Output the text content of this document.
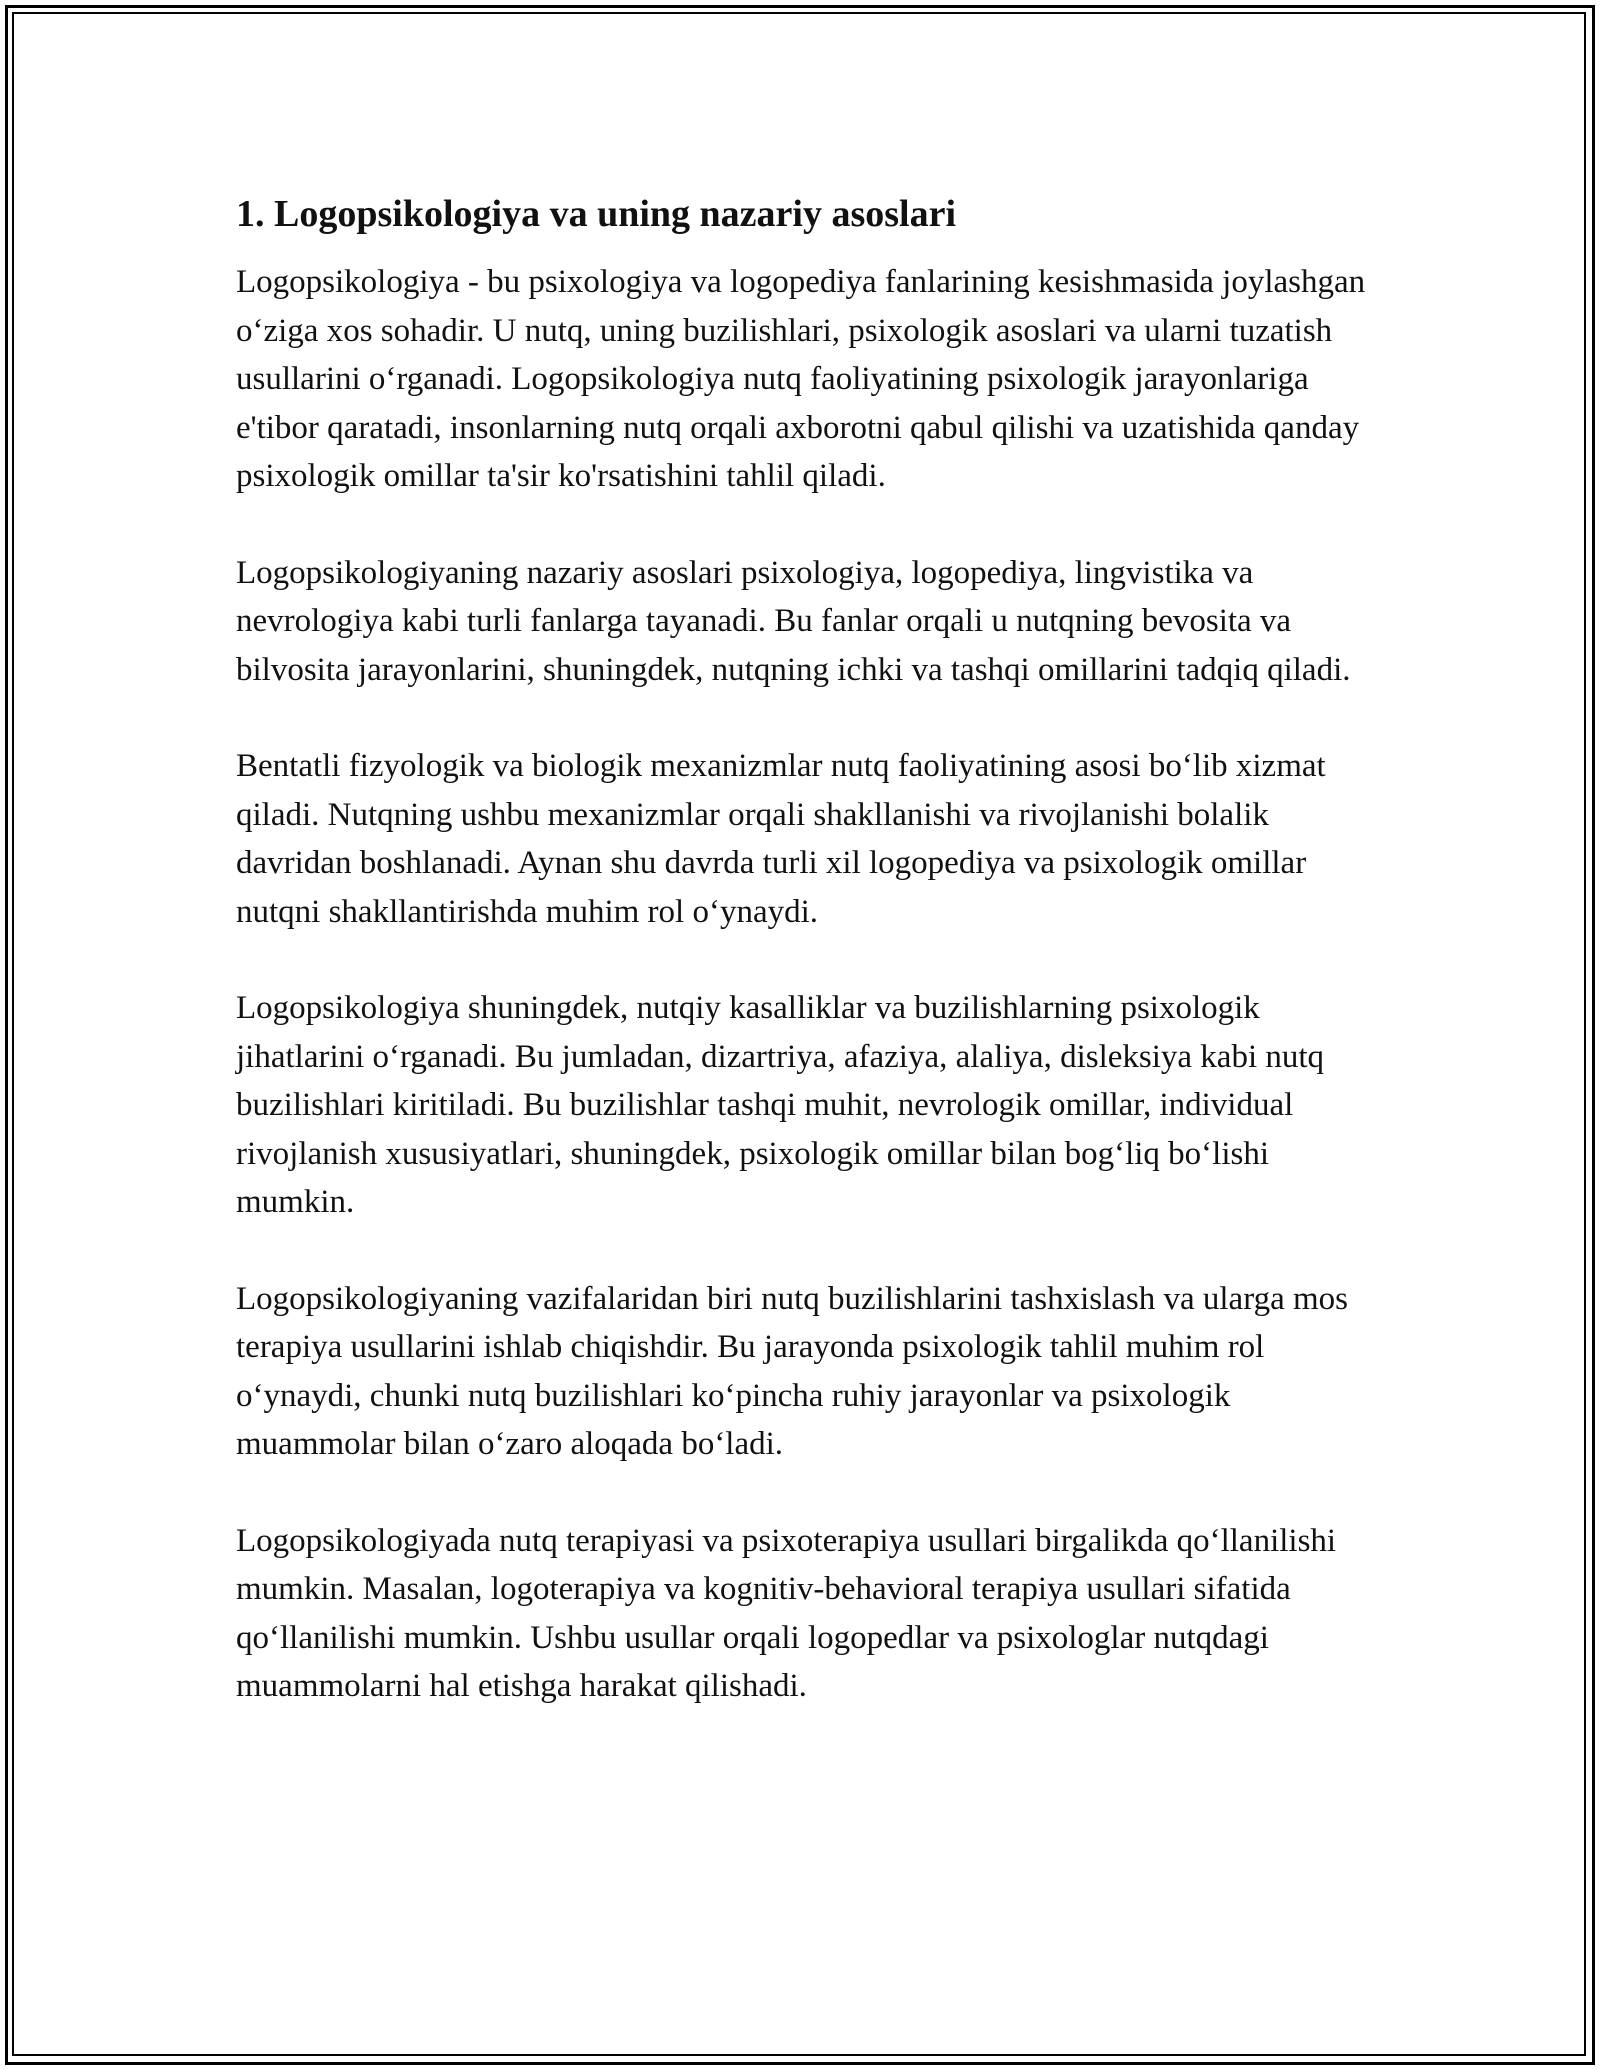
1. Logopsikologiya va uning nazariy asoslari

Logopsikologiya - bu psixologiya va logopediya fanlarining kesishmasida joylashgan o‘ziga xos sohadir. U nutq, uning buzilishlari, psixologik asoslari va ularni tuzatish usullarini o‘rganadi. Logopsikologiya nutq faoliyatining psixologik jarayonlariga e'tibor qaratadi, insonlarning nutq orqali axborotni qabul qilishi va uzatishida qanday psixologik omillar ta'sir ko'rsatishini tahlil qiladi.

Logopsikologiyaning nazariy asoslari psixologiya, logopediya, lingvistika va nevrologiya kabi turli fanlarga tayanadi. Bu fanlar orqali u nutqning bevosita va bilvosita jarayonlarini, shuningdek, nutqning ichki va tashqi omillarini tadqiq qiladi.

Bentatli fizyologik va biologik mexanizmlar nutq faoliyatining asosi bo‘lib xizmat qiladi. Nutqning ushbu mexanizmlar orqali shakllanishi va rivojlanishi bolalik davridan boshlanadi. Aynan shu davrda turli xil logopediya va psixologik omillar nutqni shakllantirishda muhim rol o‘ynaydi.

Logopsikologiya shuningdek, nutqiy kasalliklar va buzilishlarning psixologik jihatlarini o‘rganadi. Bu jumladan, dizartriya, afaziya, alaliya, disleksiya kabi nutq buzilishlari kiritiladi. Bu buzilishlar tashqi muhit, nevrologik omillar, individual rivojlanish xususiyatlari, shuningdek, psixologik omillar bilan bog‘liq bo‘lishi mumkin.

Logopsikologiyaning vazifalaridan biri nutq buzilishlarini tashxislash va ularga mos terapiya usullarini ishlab chiqishdir. Bu jarayonda psixologik tahlil muhim rol o‘ynaydi, chunki nutq buzilishlari ko‘pincha ruhiy jarayonlar va psixologik muammolar bilan o‘zaro aloqada bo‘ladi.

Logopsikologiyada nutq terapiyasi va psixoterapiya usullari birgalikda qo‘llanilishi mumkin. Masalan, logoterapiya va kognitiv-behavioral terapiya usullari sifatida qo‘llanilishi mumkin. Ushbu usullar orqali logopedlar va psixologlar nutqdagi muammolarni hal etishga harakat qilishadi.
